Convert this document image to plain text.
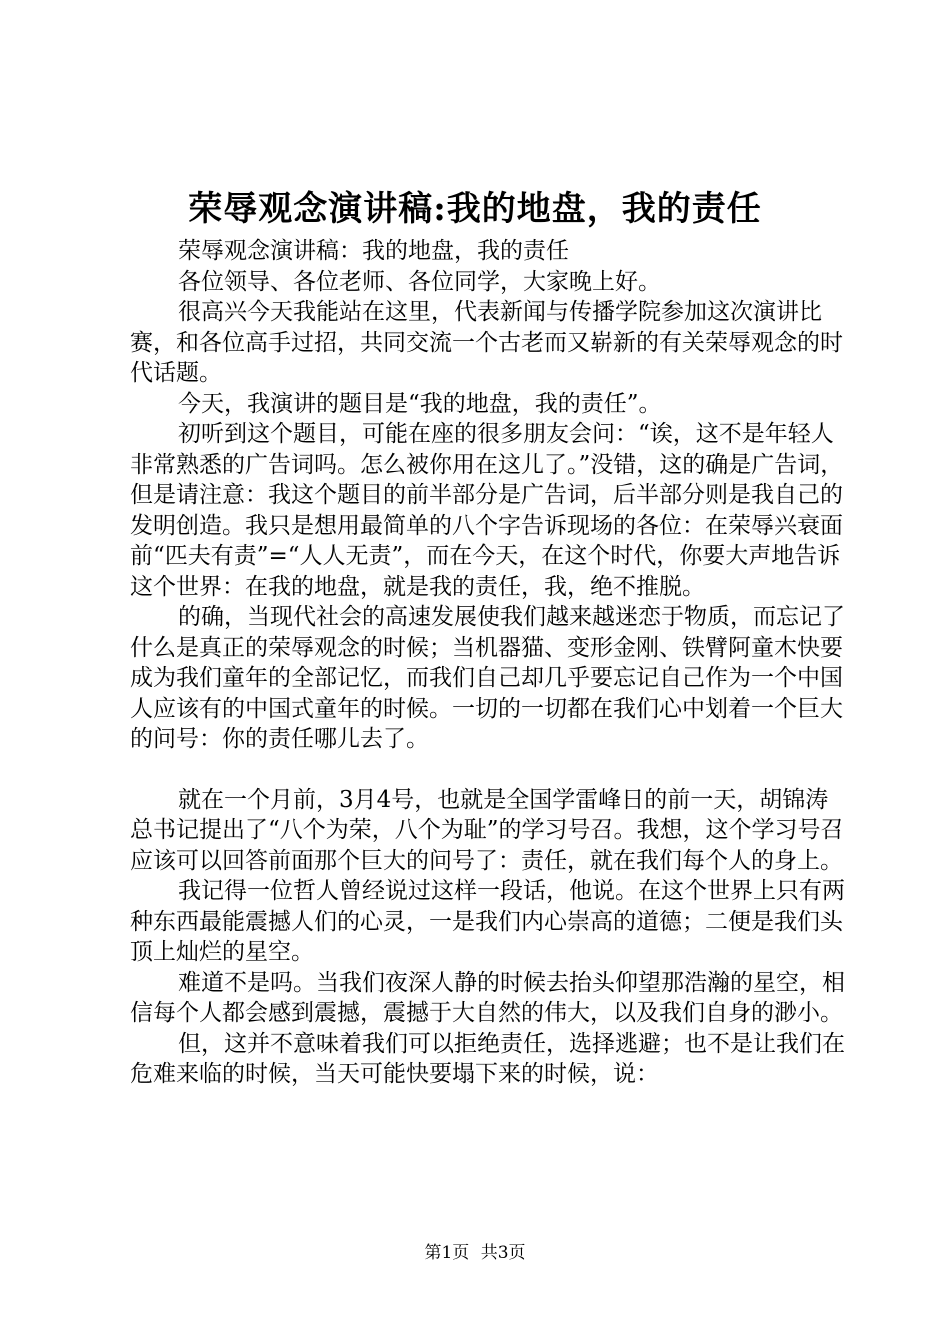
荣辱观念演讲稿:我的地盘，我的责任

荣辱观念演讲稿：我的地盘，我的责任

各位领导、各位老师、各位同学，大家晚上好。

很高兴今天我能站在这里，代表新闻与传播学院参加这次演讲比赛，和各位高手过招，共同交流一个古老而又崭新的有关荣辱观念的时代话题。

今天，我演讲的题目是“我的地盘，我的责任”。

初听到这个题目，可能在座的很多朋友会问：“诶，这不是年轻人非常熟悉的广告词吗。怎么被你用在这儿了。”没错，这的确是广告词，但是请注意：我这个题目的前半部分是广告词，后半部分则是我自己的发明创造。我只是想用最简单的八个字告诉现场的各位：在荣辱兴衰面前“匹夫有责”=“人人无责”，而在今天，在这个时代，你要大声地告诉这个世界：在我的地盘，就是我的责任，我，绝不推脱。

的确，当现代社会的高速发展使我们越来越迷恋于物质，而忘记了什么是真正的荣辱观念的时候；当机器猫、变形金刚、铁臂阿童木快要成为我们童年的全部记忆，而我们自己却几乎要忘记自己作为一个中国人应该有的中国式童年的时候。一切的一切都在我们心中划着一个巨大的问号：你的责任哪儿去了。

就在一个月前，3月4号，也就是全国学雷峰日的前一天，胡锦涛总书记提出了“八个为荣，八个为耻”的学习号召。我想，这个学习号召应该可以回答前面那个巨大的问号了：责任，就在我们每个人的身上。

我记得一位哲人曾经说过这样一段话，他说。在这个世界上只有两种东西最能震撼人们的心灵，一是我们内心崇高的道德；二便是我们头顶上灿烂的星空。

难道不是吗。当我们夜深人静的时候去抬头仰望那浩瀚的星空，相信每个人都会感到震撼，震撼于大自然的伟大，以及我们自身的渺小。

但，这并不意味着我们可以拒绝责任，选择逃避；也不是让我们在危难来临的时候，当天可能快要塌下来的时候，说：

第1页 共3页
